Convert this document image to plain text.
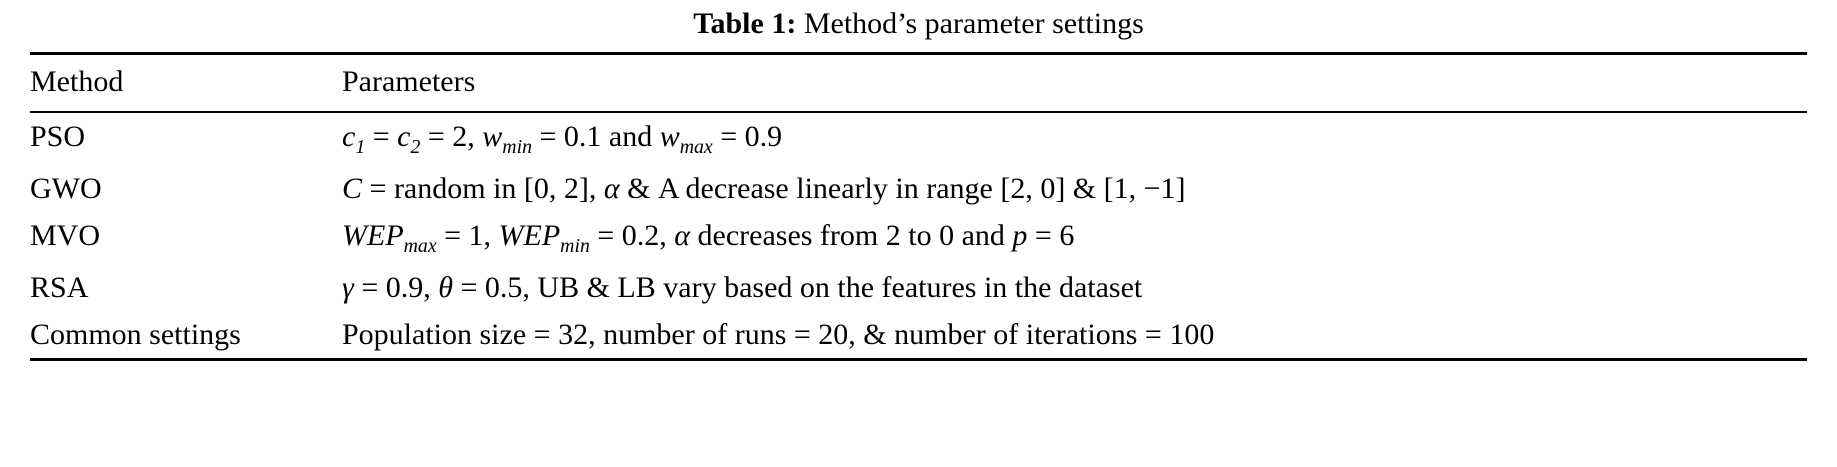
Table 1: Method’s parameter settings
Method	Parameters
PSO	$c_1 = c_2 = 2$, $w_{min} = 0.1$ and $w_{max} = 0.9$
GWO	C = random in [0, 2], α & A decrease linearly in range [2, 0] & [1, −1]
MVO	$WEP_{max} = 1$, $WEP_{min} = 0.2$, α decreases from 2 to 0 and p = 6
RSA	γ = 0.9, θ = 0.5, UB & LB vary based on the features in the dataset
Common settings	Population size = 32, number of runs = 20, & number of iterations = 100
